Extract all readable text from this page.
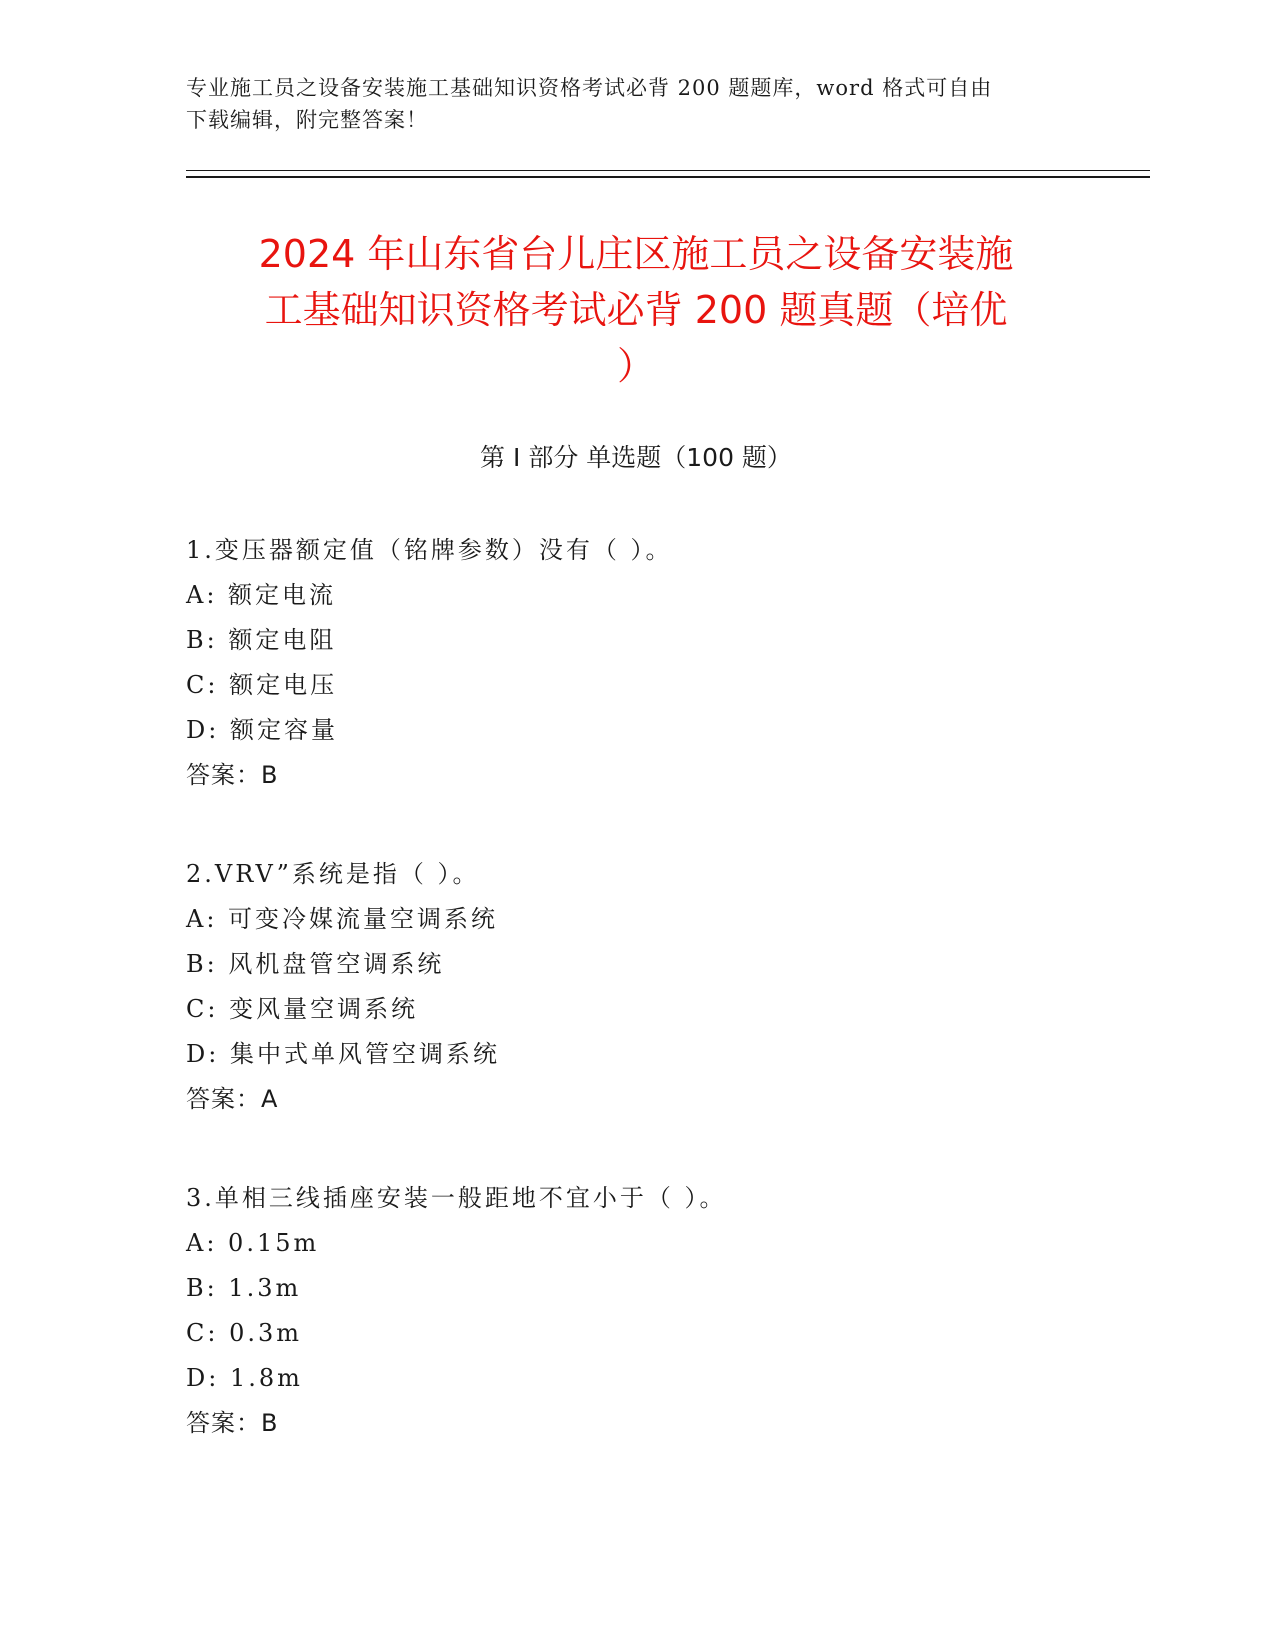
专业施工员之设备安装施工基础知识资格考试必背 200 题题库，word 格式可自由
下载编辑，附完整答案！
2024 年山东省台儿庄区施工员之设备安装施
工基础知识资格考试必背 200 题真题（培优
）
第 I 部分 单选题（100 题）
1.变压器额定值（铭牌参数）没有（ ）。
A: 额定电流
B: 额定电阻
C: 额定电压
D: 额定容量
答案：B
2.VRV”系统是指（ ）。
A: 可变冷媒流量空调系统
B: 风机盘管空调系统
C: 变风量空调系统
D: 集中式单风管空调系统
答案：A
3.单相三线插座安装一般距地不宜小于（ ）。
A: 0.15m
B: 1.3m
C: 0.3m
D: 1.8m
答案：B
